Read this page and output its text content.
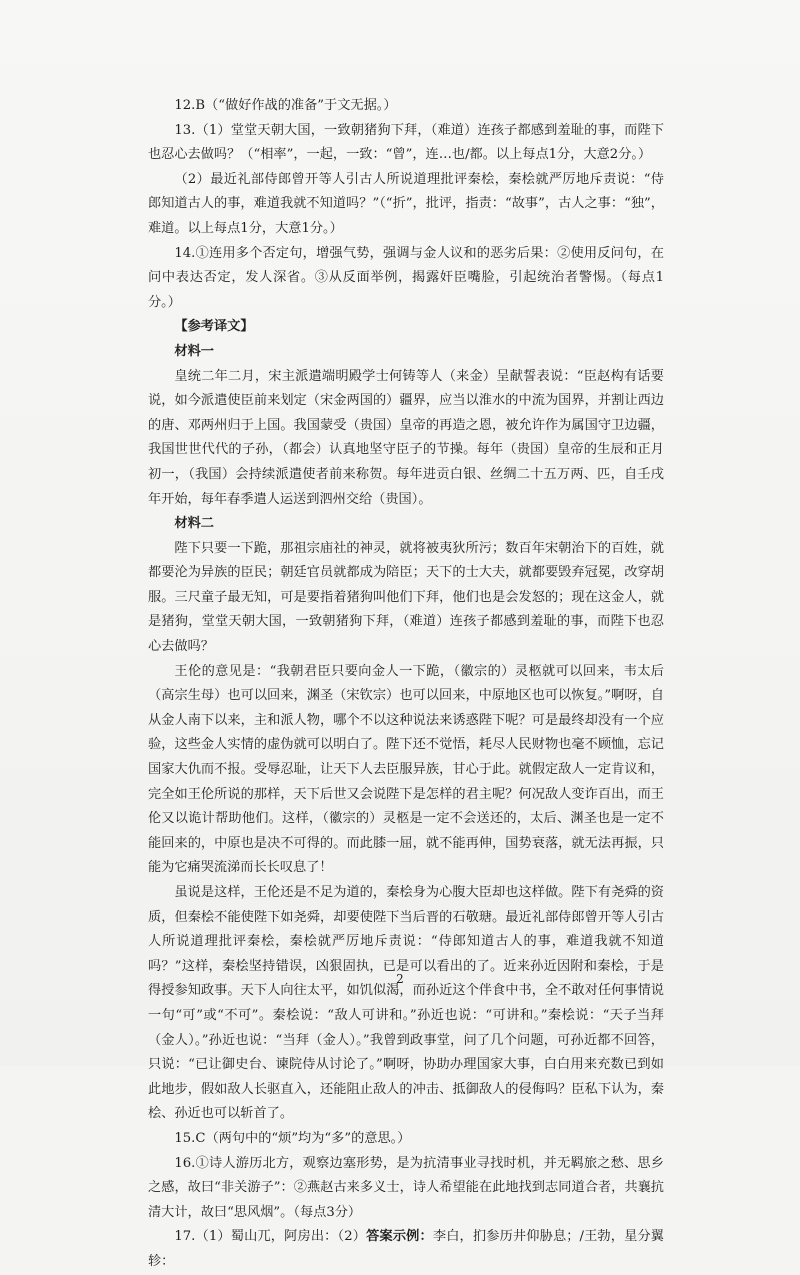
12.B（“做好作战的准备”于文无据。）

13.（1）堂堂天朝大国，一致朝猪狗下拜，（难道）连孩子都感到羞耻的事，而陛下也忍心去做吗？（“相率”，一起，一致：“曾”，连…也/都。以上每点1分，大意2分。）

（2）最近礼部侍郎曾开等人引古人所说道理批评秦桧，秦桧就严厉地斥责说：“侍郎知道古人的事，难道我就不知道吗？”（“折”，批评，指责：“故事”，古人之事：“独”，难道。以上每点1分，大意1分。）

14.①连用多个否定句，增强气势，强调与金人议和的恶劣后果：②使用反问句，在问中表达否定，发人深省。③从反面举例，揭露奸臣嘴脸，引起统治者警惕。（每点1分。）

【参考译文】

材料一

皇统二年二月，宋主派遣端明殿学士何铸等人（来金）呈献誓表说：“臣赵构有话要说，如今派遣使臣前来划定（宋金两国的）疆界，应当以淮水的中流为国界，并割让西边的唐、邓两州归于上国。我国蒙受（贵国）皇帝的再造之恩，被允许作为属国守卫边疆，我国世世代代的子孙，（都会）认真地坚守臣子的节操。每年（贵国）皇帝的生辰和正月初一，（我国）会持续派遣使者前来称贺。每年进贡白银、丝绸二十五万两、匹，自壬戌年开始，每年春季遣人运送到泗州交给（贵国）。

材料二

陛下只要一下跪，那祖宗庙社的神灵，就将被夷狄所污；数百年宋朝治下的百姓，就都要沦为异族的臣民；朝廷官员就都成为陪臣；天下的士大夫，就都要毁弃冠冕，改穿胡服。三尺童子最无知，可是要指着猪狗叫他们下拜，他们也是会发怒的；现在这金人，就是猪狗，堂堂天朝大国，一致朝猪狗下拜，（难道）连孩子都感到羞耻的事，而陛下也忍心去做吗？

王伦的意见是：“我朝君臣只要向金人一下跪，（徽宗的）灵柩就可以回来，韦太后（高宗生母）也可以回来，渊圣（宋钦宗）也可以回来，中原地区也可以恢复。”啊呀，自从金人南下以来，主和派人物，哪个不以这种说法来诱惑陛下呢？可是最终却没有一个应验，这些金人实情的虚伪就可以明白了。陛下还不觉悟，耗尽人民财物也毫不顾恤，忘记国家大仇而不报。受辱忍耻，让天下人去臣服异族，甘心于此。就假定敌人一定肯议和，完全如王伦所说的那样，天下后世又会说陛下是怎样的君主呢？何况敌人变诈百出，而王伦又以诡计帮助他们。这样，（徽宗的）灵柩是一定不会送还的，太后、渊圣也是一定不能回来的，中原也是决不可得的。而此膝一屈，就不能再伸，国势衰落，就无法再振，只能为它痛哭流涕而长长叹息了！

虽说是这样，王伦还是不足为道的，秦桧身为心腹大臣却也这样做。陛下有尧舜的资质，但秦桧不能使陛下如尧舜，却要使陛下当后晋的石敬瑭。最近礼部侍郎曾开等人引古人所说道理批评秦桧，秦桧就严厉地斥责说：“侍郎知道古人的事，难道我就不知道吗？”这样，秦桧坚持错误，凶狠固执，已是可以看出的了。近来孙近因附和秦桧，于是得授参知政事。天下人向往太平，如饥似渴，而孙近这个伴食中书，全不敢对任何事情说一句“可”或“不可”。秦桧说：“敌人可讲和。”孙近也说：“可讲和。”秦桧说：“天子当拜（金人）。”孙近也说：“当拜（金人）。”我曾到政事堂，问了几个问题，可孙近都不回答，只说：“已让御史台、谏院侍从讨论了。”啊呀，协助办理国家大事，白白用来充数已到如此地步，假如敌人长驱直入，还能阻止敌人的冲击、抵御敌人的侵侮吗？臣私下认为，秦桧、孙近也可以斩首了。

15.C（两句中的“烦”均为“多”的意思。）

16.①诗人游历北方，观察边塞形势，是为抗清事业寻找时机，并无羁旅之愁、思乡之感，故曰“非关游子”：②燕赵古来多义士，诗人希望能在此地找到志同道合者，共襄抗清大计，故曰“思风烟”。（每点3分）

17.（1）蜀山兀，阿房出：（2）答案示例：李白，扪参历井仰胁息；/王勃，星分翼轸：

2
